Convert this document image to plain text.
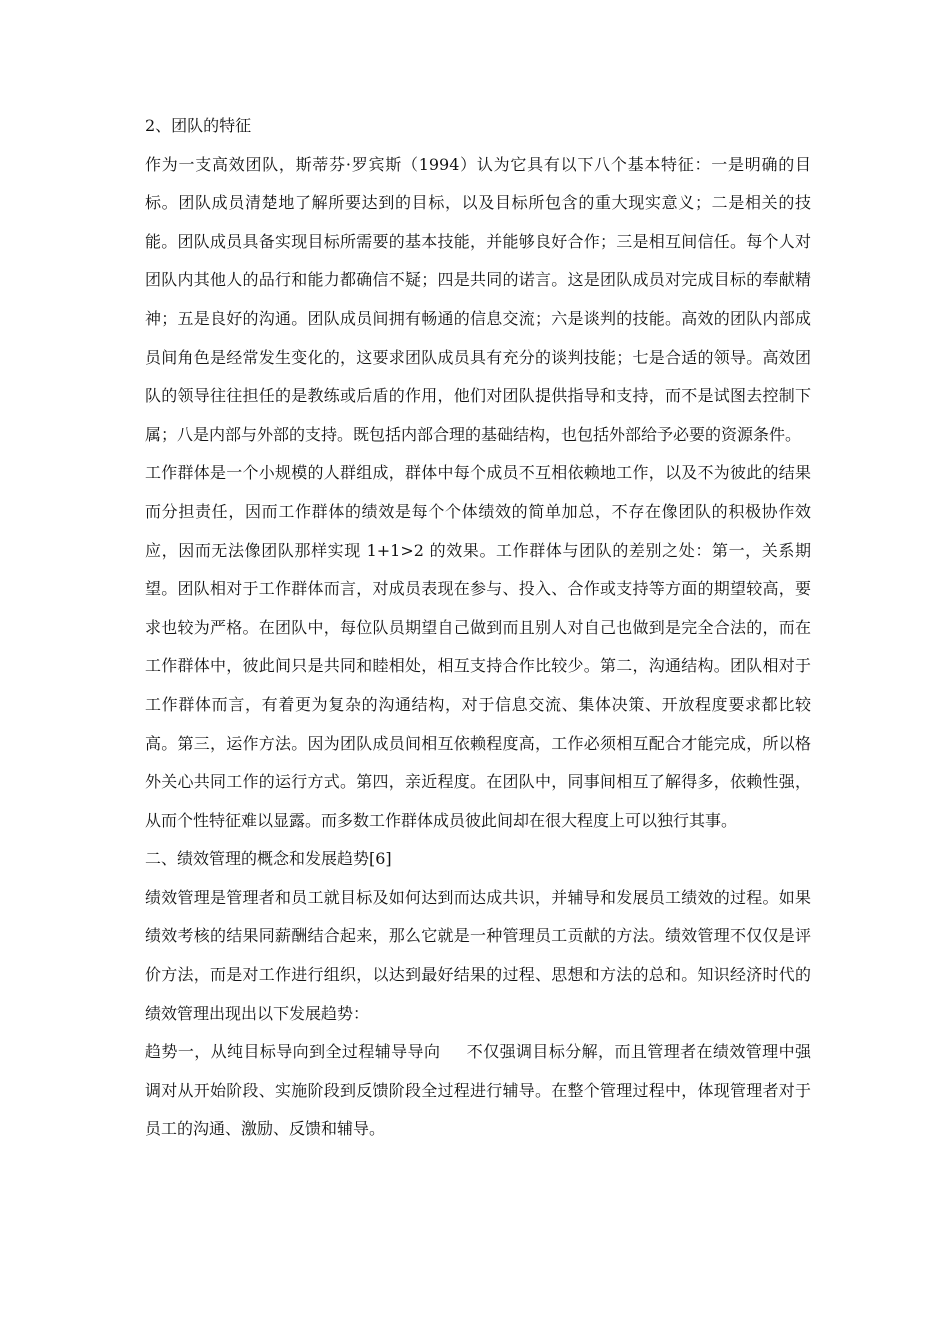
2、团队的特征

作为一支高效团队，斯蒂芬·罗宾斯（1994）认为它具有以下八个基本特征：一是明确的目标。团队成员清楚地了解所要达到的目标，以及目标所包含的重大现实意义；二是相关的技能。团队成员具备实现目标所需要的基本技能，并能够良好合作；三是相互间信任。每个人对团队内其他人的品行和能力都确信不疑；四是共同的诺言。这是团队成员对完成目标的奉献精神；五是良好的沟通。团队成员间拥有畅通的信息交流；六是谈判的技能。高效的团队内部成员间角色是经常发生变化的，这要求团队成员具有充分的谈判技能；七是合适的领导。高效团队的领导往往担任的是教练或后盾的作用，他们对团队提供指导和支持，而不是试图去控制下属；八是内部与外部的支持。既包括内部合理的基础结构，也包括外部给予必要的资源条件。

工作群体是一个小规模的人群组成，群体中每个成员不互相依赖地工作，以及不为彼此的结果而分担责任，因而工作群体的绩效是每个个体绩效的简单加总，不存在像团队的积极协作效应，因而无法像团队那样实现 1+1>2 的效果。工作群体与团队的差别之处：第一，关系期望。团队相对于工作群体而言，对成员表现在参与、投入、合作或支持等方面的期望较高，要求也较为严格。在团队中，每位队员期望自己做到而且别人对自己也做到是完全合法的，而在工作群体中，彼此间只是共同和睦相处，相互支持合作比较少。第二，沟通结构。团队相对于工作群体而言，有着更为复杂的沟通结构，对于信息交流、集体决策、开放程度要求都比较高。第三，运作方法。因为团队成员间相互依赖程度高，工作必须相互配合才能完成，所以格外关心共同工作的运行方式。第四，亲近程度。在团队中，同事间相互了解得多，依赖性强，从而个性特征难以显露。而多数工作群体成员彼此间却在很大程度上可以独行其事。

二、绩效管理的概念和发展趋势[6]

绩效管理是管理者和员工就目标及如何达到而达成共识，并辅导和发展员工绩效的过程。如果绩效考核的结果同薪酬结合起来，那么它就是一种管理员工贡献的方法。绩效管理不仅仅是评价方法，而是对工作进行组织，以达到最好结果的过程、思想和方法的总和。知识经济时代的绩效管理出现出以下发展趋势：

趋势一，从纯目标导向到全过程辅导导向 不仅强调目标分解，而且管理者在绩效管理中强调对从开始阶段、实施阶段到反馈阶段全过程进行辅导。在整个管理过程中，体现管理者对于员工的沟通、激励、反馈和辅导。
